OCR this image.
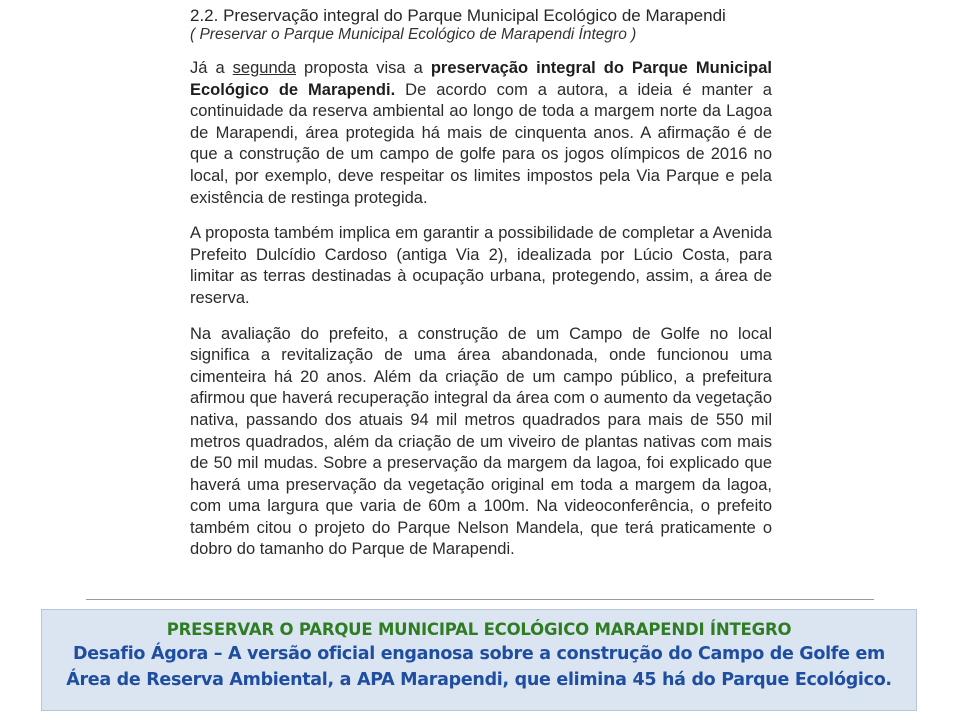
2.2. Preservação integral do Parque Municipal Ecológico de Marapendi

( Preservar o Parque Municipal Ecológico de Marapendi Íntegro )

Já a segunda proposta visa a preservação integral do Parque Municipal Ecológico de Marapendi. De acordo com a autora, a ideia é manter a continuidade da reserva ambiental ao longo de toda a margem norte da Lagoa de Marapendi, área protegida há mais de cinquenta anos. A afirmação é de que a construção de um campo de golfe para os jogos olímpicos de 2016 no local, por exemplo, deve respeitar os limites impostos pela Via Parque e pela existência de restinga protegida.

A proposta também implica em garantir a possibilidade de completar a Avenida Prefeito Dulcídio Cardoso (antiga Via 2), idealizada por Lúcio Costa, para limitar as terras destinadas à ocupação urbana, protegendo, assim, a área de reserva.

Na avaliação do prefeito, a construção de um Campo de Golfe no local significa a revitalização de uma área abandonada, onde funcionou uma cimenteira há 20 anos. Além da criação de um campo público, a prefeitura afirmou que haverá recuperação integral da área com o aumento da vegetação nativa, passando dos atuais 94 mil metros quadrados para mais de 550 mil metros quadrados, além da criação de um viveiro de plantas nativas com mais de 50 mil mudas. Sobre a preservação da margem da lagoa, foi explicado que haverá uma preservação da vegetação original em toda a margem da lagoa, com uma largura que varia de 60m a 100m. Na videoconferência, o prefeito também citou o projeto do Parque Nelson Mandela, que terá praticamente o dobro do tamanho do Parque de Marapendi.

PRESERVAR O PARQUE MUNICIPAL ECOLÓGICO MARAPENDI ÍNTEGRO
Desafio Ágora – A versão oficial enganosa sobre a construção do Campo de Golfe em
Área de Reserva Ambiental, a APA Marapendi, que elimina 45 há do Parque Ecológico.
